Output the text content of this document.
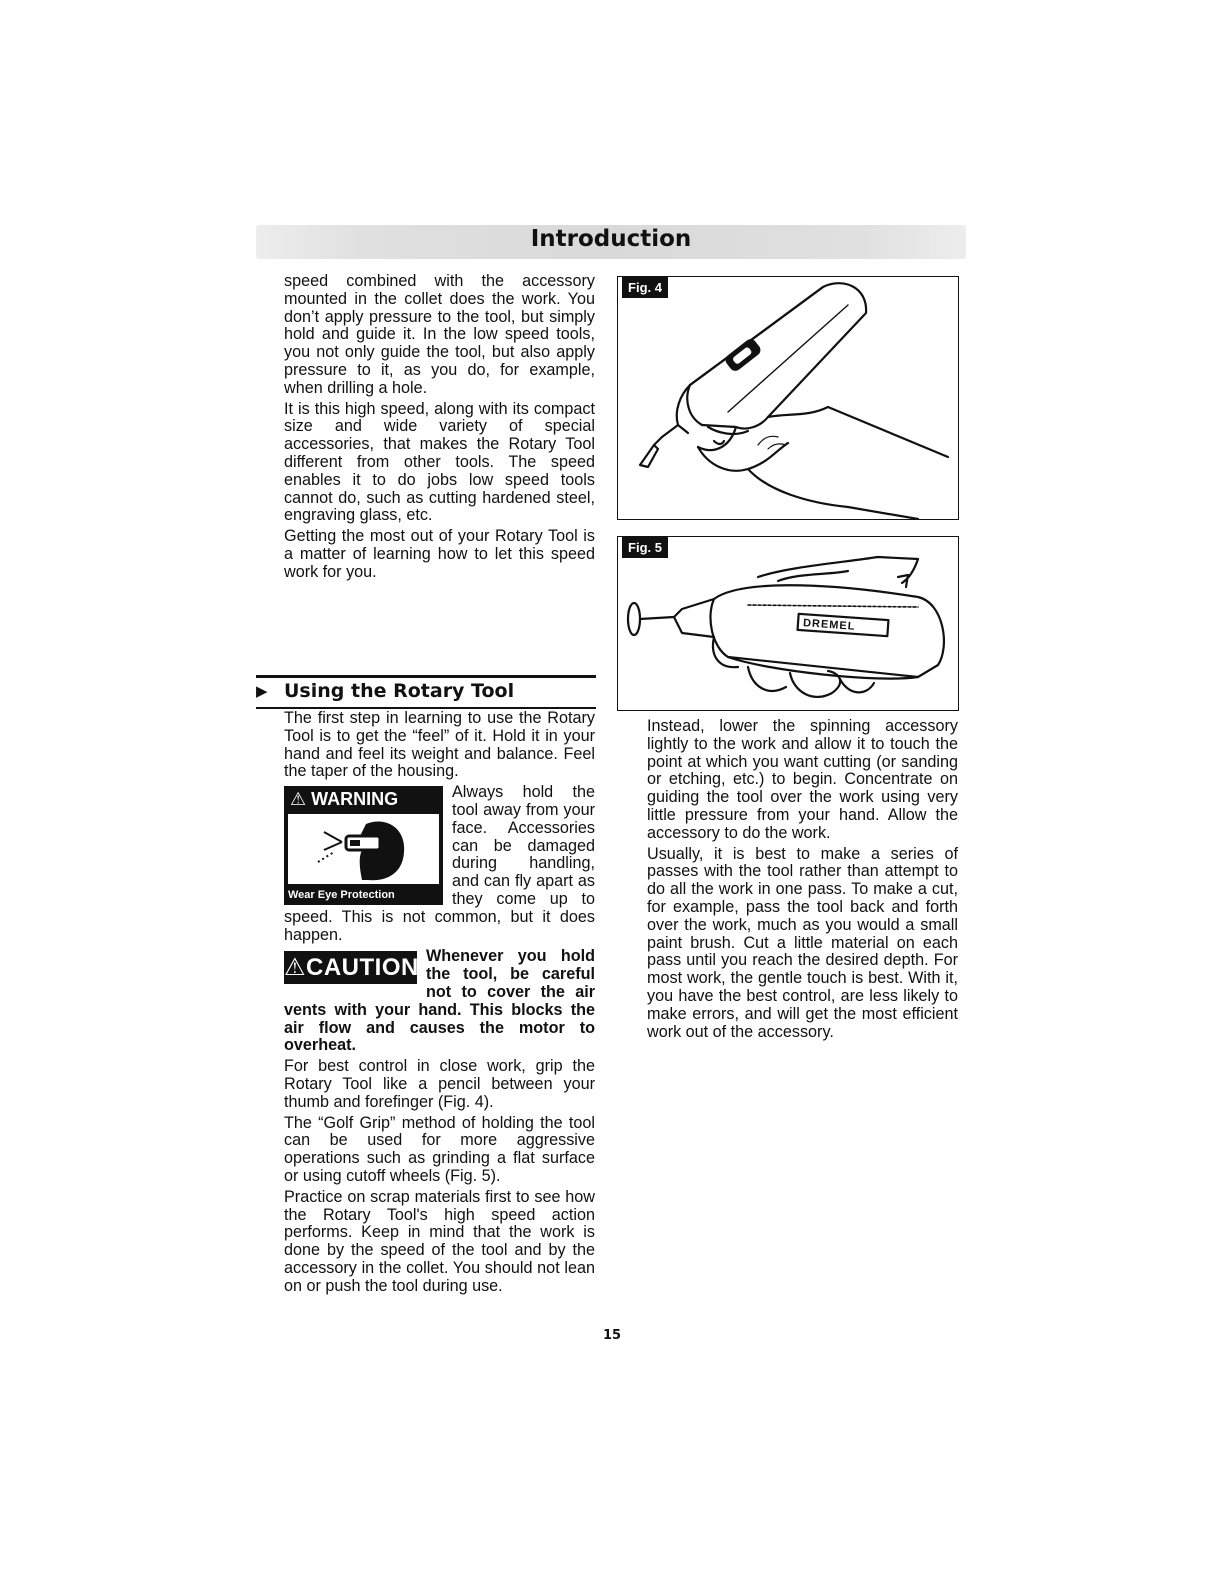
Introduction

speed combined with the accessory mounted in the collet does the work. You don’t apply pressure to the tool, but simply hold and guide it. In the low speed tools, you not only guide the tool, but also apply pressure to it, as you do, for example, when drilling a hole.

It is this high speed, along with its compact size and wide variety of special accessories, that makes the Rotary Tool different from other tools. The speed enables it to do jobs low speed tools cannot do, such as cutting hardened steel, engraving glass, etc.

Getting the most out of your Rotary Tool is a matter of learning how to let this speed work for you.

▶ Using the Rotary Tool

The first step in learning to use the Rotary Tool is to get the “feel” of it. Hold it in your hand and feel its weight and balance. Feel the taper of the housing.

⚠ WARNING
Wear Eye Protection

Always hold the tool away from your face. Accessories can be damaged during handling, and can fly apart as they come up to speed. This is not common, but it does happen.

⚠CAUTION Whenever you hold the tool, be careful not to cover the air vents with your hand. This blocks the air flow and causes the motor to overheat.

For best control in close work, grip the Rotary Tool like a pencil between your thumb and forefinger (Fig. 4).

The “Golf Grip” method of holding the tool can be used for more aggressive operations such as grinding a flat surface or using cutoff wheels (Fig. 5).

Practice on scrap materials first to see how the Rotary Tool's high speed action performs. Keep in mind that the work is done by the speed of the tool and by the accessory in the collet. You should not lean on or push the tool during use.

Fig. 4
DREMEL
Fig. 5

Instead, lower the spinning accessory lightly to the work and allow it to touch the point at which you want cutting (or sanding or etching, etc.) to begin. Concentrate on guiding the tool over the work using very little pressure from your hand. Allow the accessory to do the work.

Usually, it is best to make a series of passes with the tool rather than attempt to do all the work in one pass. To make a cut, for example, pass the tool back and forth over the work, much as you would a small paint brush. Cut a little material on each pass until you reach the desired depth. For most work, the gentle touch is best. With it, you have the best control, are less likely to make errors, and will get the most efficient work out of the accessory.

15
